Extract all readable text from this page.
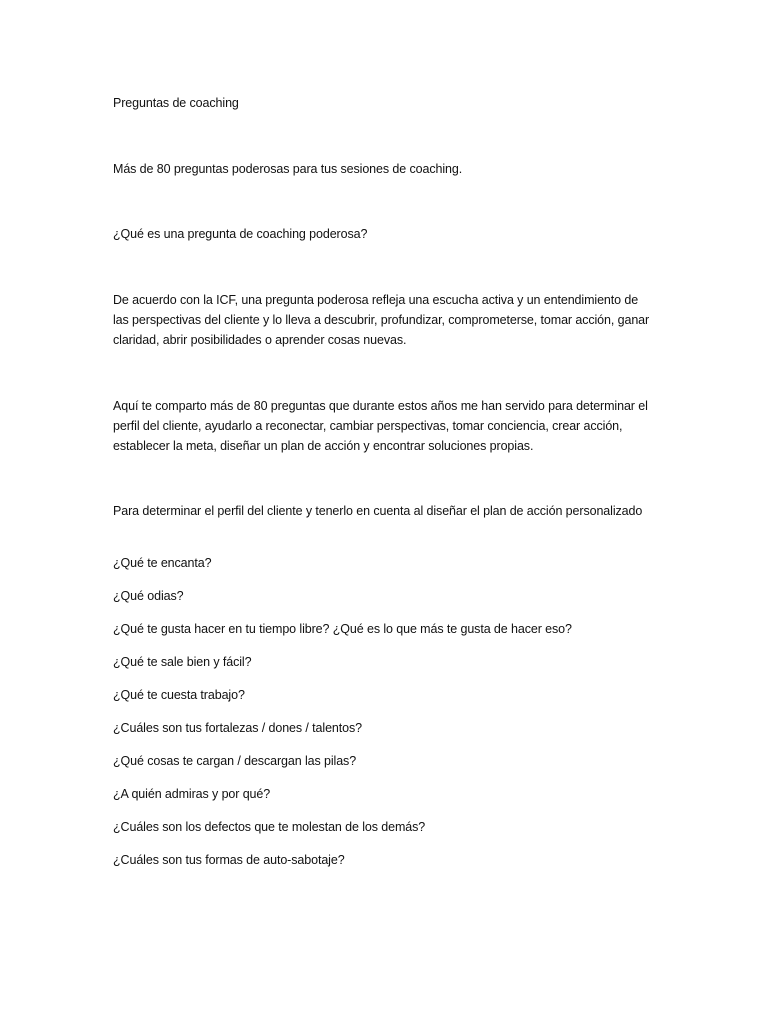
Preguntas de coaching

Más de 80 preguntas poderosas para tus sesiones de coaching.

¿Qué es una pregunta de coaching poderosa?

De acuerdo con la ICF, una pregunta poderosa refleja una escucha activa y un entendimiento de las perspectivas del cliente y lo lleva a descubrir, profundizar, comprometerse, tomar acción, ganar claridad, abrir posibilidades o aprender cosas nuevas.

Aquí te comparto más de 80 preguntas que durante estos años me han servido para determinar el perfil del cliente, ayudarlo a reconectar, cambiar perspectivas, tomar conciencia, crear acción, establecer la meta, diseñar un plan de acción y encontrar soluciones propias.

Para determinar el perfil del cliente y tenerlo en cuenta al diseñar el plan de acción personalizado

¿Qué te encanta?
¿Qué odias?
¿Qué te gusta hacer en tu tiempo libre? ¿Qué es lo que más te gusta de hacer eso?
¿Qué te sale bien y fácil?
¿Qué te cuesta trabajo?
¿Cuáles son tus fortalezas / dones / talentos?
¿Qué cosas te cargan / descargan las pilas?
¿A quién admiras y por qué?
¿Cuáles son los defectos que te molestan de los demás?
¿Cuáles son tus formas de auto-sabotaje?
